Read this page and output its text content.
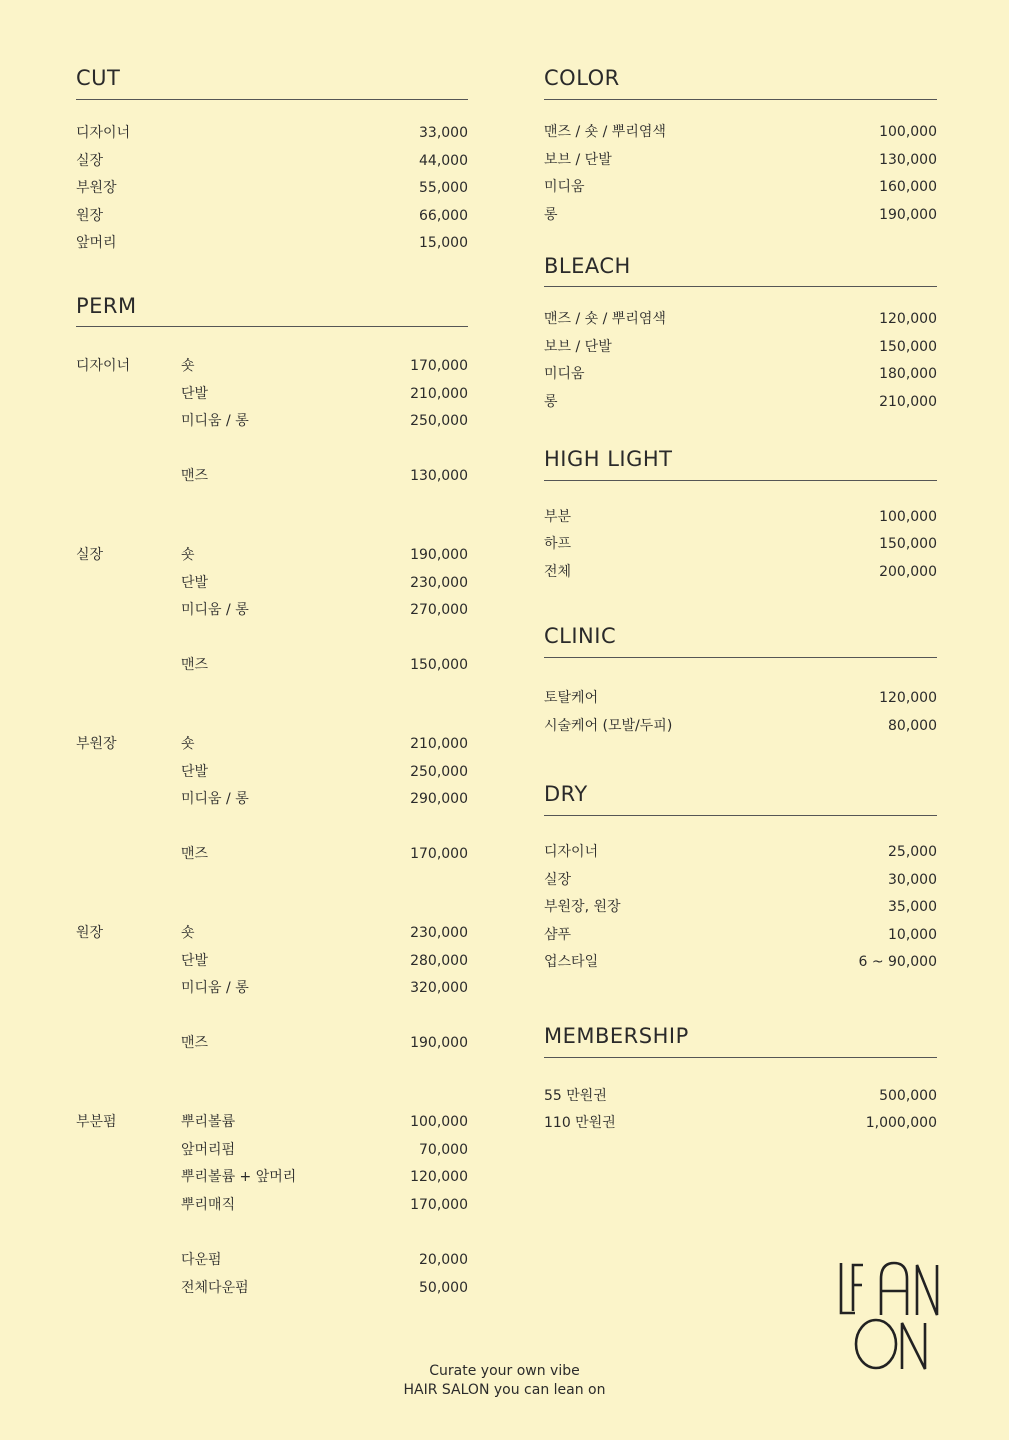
CUT
디자이너	33,000
실장	44,000
부원장	55,000
원장	66,000
앞머리	15,000
PERM
디자이너	숏	170,000
단발	210,000
미디움 / 롱	250,000
맨즈	130,000
실장	숏	190,000
단발	230,000
미디움 / 롱	270,000
맨즈	150,000
부원장	숏	210,000
단발	250,000
미디움 / 롱	290,000
맨즈	170,000
원장	숏	230,000
단발	280,000
미디움 / 롱	320,000
맨즈	190,000
부분펌	뿌리볼륨	100,000
앞머리펌	70,000
뿌리볼륨 + 앞머리	120,000
뿌리매직	170,000
다운펌	20,000
전체다운펌	50,000
COLOR
맨즈 / 숏 / 뿌리염색	100,000
보브 / 단발	130,000
미디움	160,000
롱	190,000
BLEACH
맨즈 / 숏 / 뿌리염색	120,000
보브 / 단발	150,000
미디움	180,000
롱	210,000
HIGH LIGHT
부분	100,000
하프	150,000
전체	200,000
CLINIC
토탈케어	120,000
시술케어 (모발/두피)	80,000
DRY
디자이너	25,000
실장	30,000
부원장, 원장	35,000
샴푸	10,000
업스타일	6 ~ 90,000
MEMBERSHIP
55 만원권	500,000
110 만원권	1,000,000
Curate your own vibe
HAIR SALON you can lean on
